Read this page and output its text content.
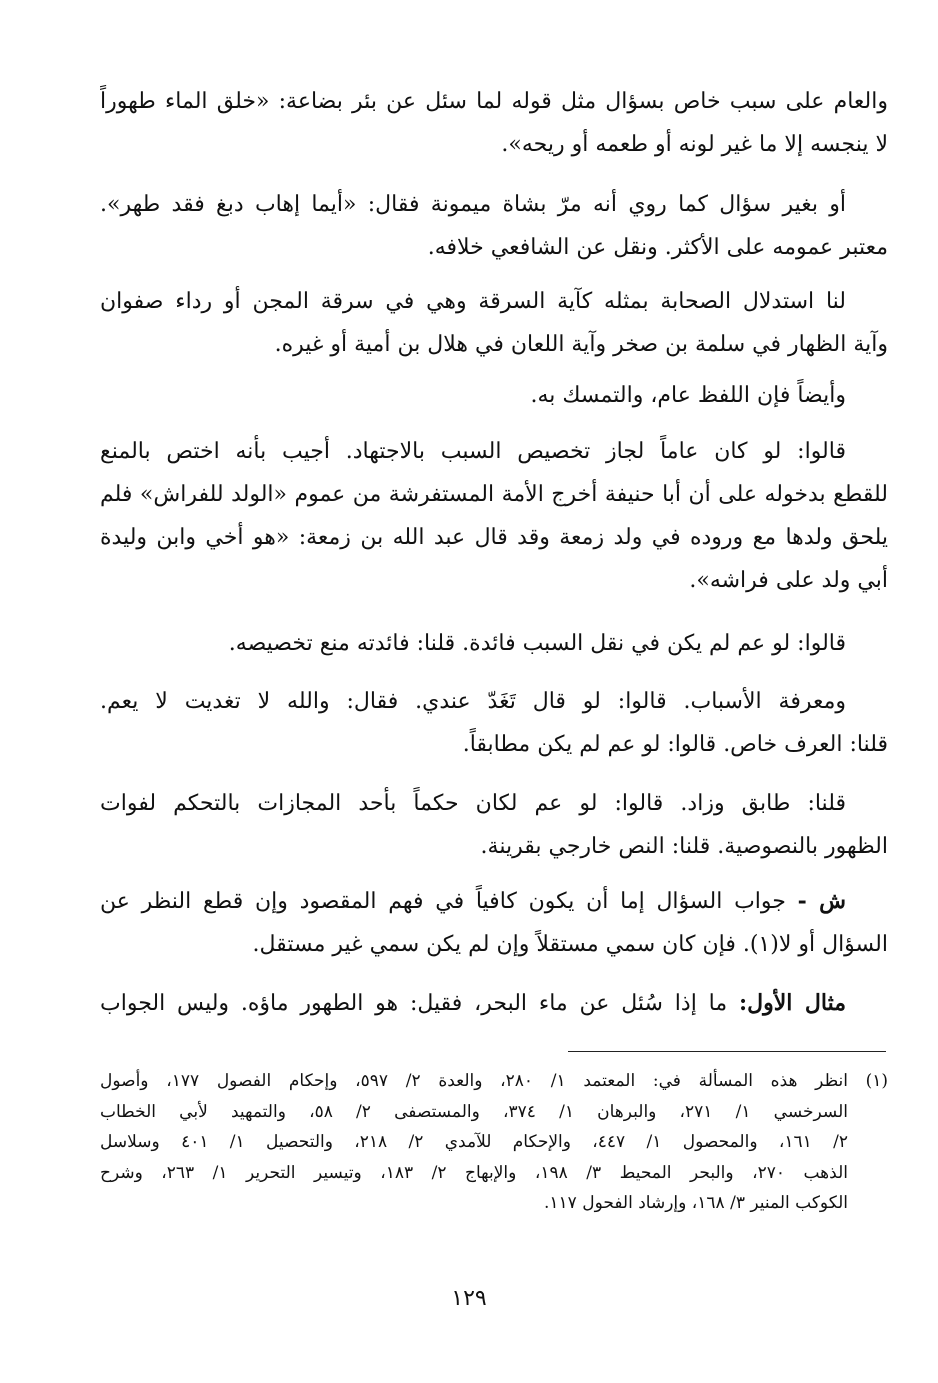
والعام على سبب خاص بسؤال مثل قوله لما سئل عن بئر بضاعة: «خلق الماء طهوراً
لا ينجسه إلا ما غير لونه أو طعمه أو ريحه».
أو بغير سؤال كما روي أنه مرّ بشاة ميمونة فقال: «أيما إهاب دبغ فقد طهر».
معتبر عمومه على الأكثر. ونقل عن الشافعي خلافه.
لنا استدلال الصحابة بمثله كآية السرقة وهي في سرقة المجن أو رداء صفوان
وآية الظهار في سلمة بن صخر وآية اللعان في هلال بن أمية أو غيره.
وأيضاً فإن اللفظ عام، والتمسك به.
قالوا: لو كان عاماً لجاز تخصيص السبب بالاجتهاد. أجيب بأنه اختص بالمنع
للقطع بدخوله على أن أبا حنيفة أخرج الأمة المستفرشة من عموم «الولد للفراش» فلم
يلحق ولدها مع وروده في ولد زمعة وقد قال عبد الله بن زمعة: «هو أخي وابن وليدة
أبي ولد على فراشه».
قالوا: لو عم لم يكن في نقل السبب فائدة. قلنا: فائدته منع تخصيصه.
ومعرفة الأسباب. قالوا: لو قال تَغَدّ عندي. فقال: والله لا تغديت لا يعم.
قلنا: العرف خاص. قالوا: لو عم لم يكن مطابقاً.
قلنا: طابق وزاد. قالوا: لو عم لكان حكماً بأحد المجازات بالتحكم لفوات
الظهور بالنصوصية. قلنا: النص خارجي بقرينة.
ش - جواب السؤال إما أن يكون كافياً في فهم المقصود وإن قطع النظر عن
السؤال أو لا(١). فإن كان سمي مستقلاً وإن لم يكن سمي غير مستقل.
مثال الأول: ما إذا سُئل عن ماء البحر، فقيل: هو الطهور ماؤه. وليس الجواب
(١)
انظر هذه المسألة في: المعتمد ١/ ٢٨٠، والعدة ٢/ ٥٩٧، وإحكام الفصول ١٧٧، وأصول
السرخسي ١/ ٢٧١، والبرهان ١/ ٣٧٤، والمستصفى ٢/ ٥٨، والتمهيد لأبي الخطاب
٢/ ١٦١، والمحصول ١/ ٤٤٧، والإحكام للآمدي ٢/ ٢١٨، والتحصيل ١/ ٤٠١ وسلاسل
الذهب ٢٧٠، والبحر المحيط ٣/ ١٩٨، والإبهاج ٢/ ١٨٣، وتيسير التحرير ١/ ٢٦٣، وشرح
الكوكب المنير ٣/ ١٦٨، وإرشاد الفحول ١١٧.
١٢٩
